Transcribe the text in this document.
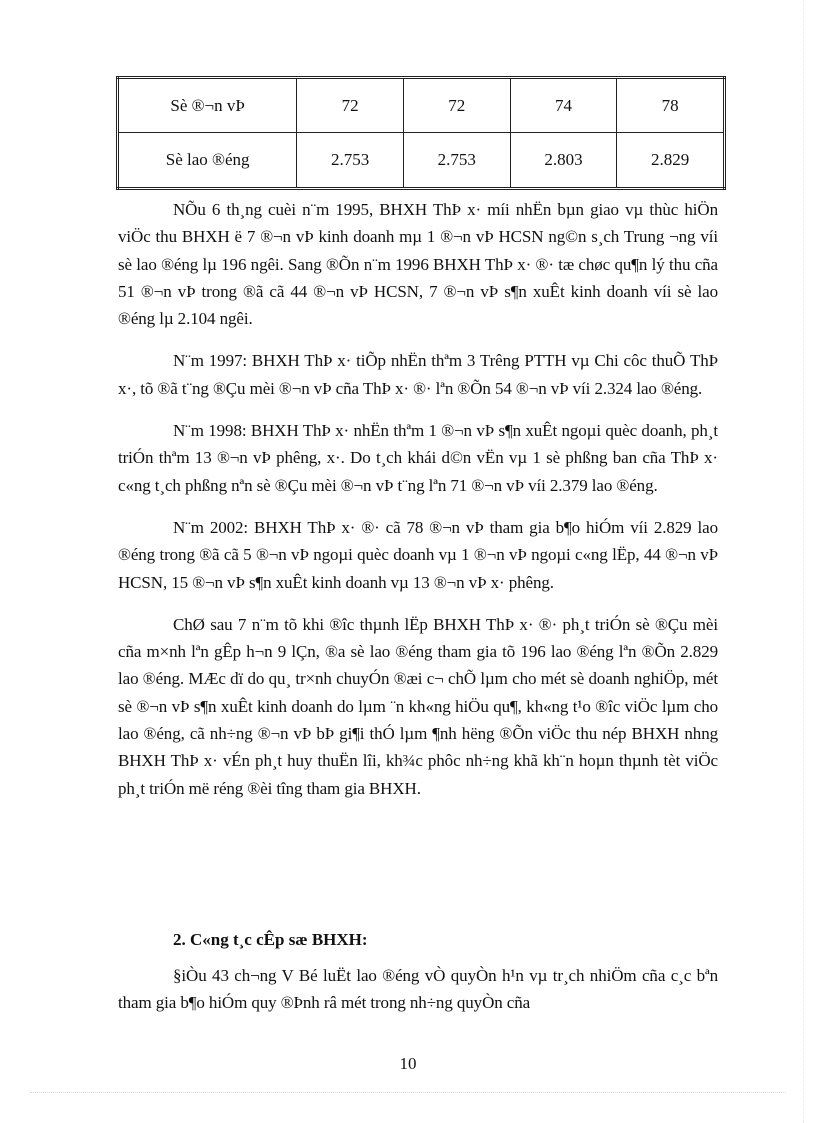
Sè ®¬n vÞ	72	72	74	78
Sè lao ®éng	2.753	2.753	2.803	2.829

NÕu 6 th¸ng cuèi n¨m 1995, BHXH ThÞ x· míi nhËn bµn giao vµ thùc hiÖn viÖc thu BHXH ë 7 ®¬n vÞ kinh doanh mµ 1 ®¬n vÞ HCSN ng©n s¸ch Trung ¬ng víi sè lao ®éng lµ 196 ngêi. Sang ®Õn n¨m 1996 BHXH ThÞ x· ®· tæ chøc qu¶n lý thu cña 51 ®¬n vÞ trong ®ã cã 44 ®¬n vÞ HCSN, 7 ®¬n vÞ s¶n xuÊt kinh doanh víi sè lao ®éng lµ 2.104 ngêi.

N¨m 1997: BHXH ThÞ x· tiÕp nhËn thªm 3 Trêng PTTH vµ Chi côc thuÕ ThÞ x·, tõ ®ã t¨ng ®Çu mèi ®¬n vÞ cña ThÞ x· ®· lªn ®Õn 54 ®¬n vÞ víi 2.324 lao ®éng.

N¨m 1998: BHXH ThÞ x· nhËn thªm 1 ®¬n vÞ s¶n xuÊt ngoµi quèc doanh, ph¸t triÓn thªm 13 ®¬n vÞ phêng, x·. Do t¸ch khái d©n vËn vµ 1 sè phßng ban cña ThÞ x· c«ng t¸ch phßng nªn sè ®Çu mèi ®¬n vÞ t¨ng lªn 71 ®¬n vÞ víi 2.379 lao ®éng.

N¨m 2002: BHXH ThÞ x· ®· cã 78 ®¬n vÞ tham gia b¶o hiÓm víi 2.829 lao ®éng trong ®ã cã 5 ®¬n vÞ ngoµi quèc doanh vµ 1 ®¬n vÞ ngoµi c«ng lËp, 44 ®¬n vÞ HCSN, 15 ®¬n vÞ s¶n xuÊt kinh doanh vµ 13 ®¬n vÞ x· phêng.

ChØ sau 7 n¨m tõ khi ®îc thµnh lËp BHXH ThÞ x· ®· ph¸t triÓn sè ®Çu mèi cña m×nh lªn gÊp h¬n 9 lÇn, ®a sè lao ®éng tham gia tõ 196 lao ®éng lªn ®Õn 2.829 lao ®éng. MÆc dï do qu¸ tr×nh chuyÓn ®æi c¬ chÕ lµm cho mét sè doanh nghiÖp, mét sè ®¬n vÞ s¶n xuÊt kinh doanh do lµm ¨n kh«ng hiÖu qu¶, kh«ng t¹o ®îc viÖc lµm cho lao ®éng, cã nh÷ng ®¬n vÞ bÞ gi¶i thÓ lµm ¶nh hëng ®Õn viÖc thu nép BHXH nhng BHXH ThÞ x· vÉn ph¸t huy thuËn lîi, kh¾c phôc nh÷ng khã kh¨n hoµn thµnh tèt viÖc ph¸t triÓn më réng ®èi tîng tham gia BHXH.

2. C«ng t¸c cÊp sæ BHXH:

§iÒu 43 ch¬ng V Bé luËt lao ®éng vÒ quyÒn h¹n vµ tr¸ch nhiÖm cña c¸c bªn tham gia b¶o hiÓm quy ®Þnh râ mét trong nh÷ng quyÒn cña

10
